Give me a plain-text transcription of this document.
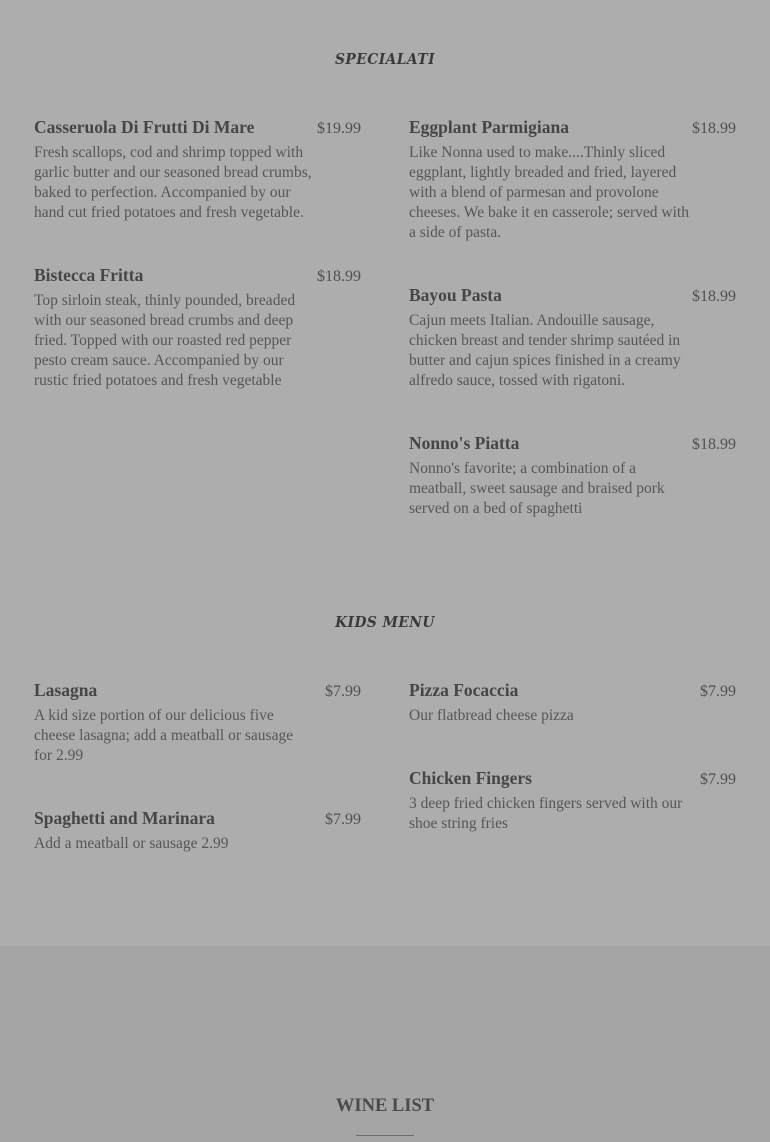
SPECIALATI
Casseruola Di Frutti Di Mare	$19.99
Fresh scallops, cod and shrimp topped with garlic butter and our seasoned bread crumbs, baked to perfection. Accompanied by our hand cut fried potatoes and fresh vegetable.
Bistecca Fritta	$18.99
Top sirloin steak, thinly pounded, breaded with our seasoned bread crumbs and deep fried. Topped with our roasted red pepper pesto cream sauce. Accompanied by our rustic fried potatoes and fresh vegetable
Eggplant Parmigiana	$18.99
Like Nonna used to make....Thinly sliced eggplant, lightly breaded and fried, layered with a blend of parmesan and provolone cheeses. We bake it en casserole; served with a side of pasta.
Bayou Pasta	$18.99
Cajun meets Italian. Andouille sausage, chicken breast and tender shrimp sautéed in butter and cajun spices finished in a creamy alfredo sauce, tossed with rigatoni.
Nonno's Piatta	$18.99
Nonno's favorite; a combination of a meatball, sweet sausage and braised pork served on a bed of spaghetti
KIDS MENU
Lasagna	$7.99
A kid size portion of our delicious five cheese lasagna; add a meatball or sausage for 2.99
Spaghetti and Marinara	$7.99
Add a meatball or sausage 2.99
Pizza Focaccia	$7.99
Our flatbread cheese pizza
Chicken Fingers	$7.99
3 deep fried chicken fingers served with our shoe string fries
WINE LIST
